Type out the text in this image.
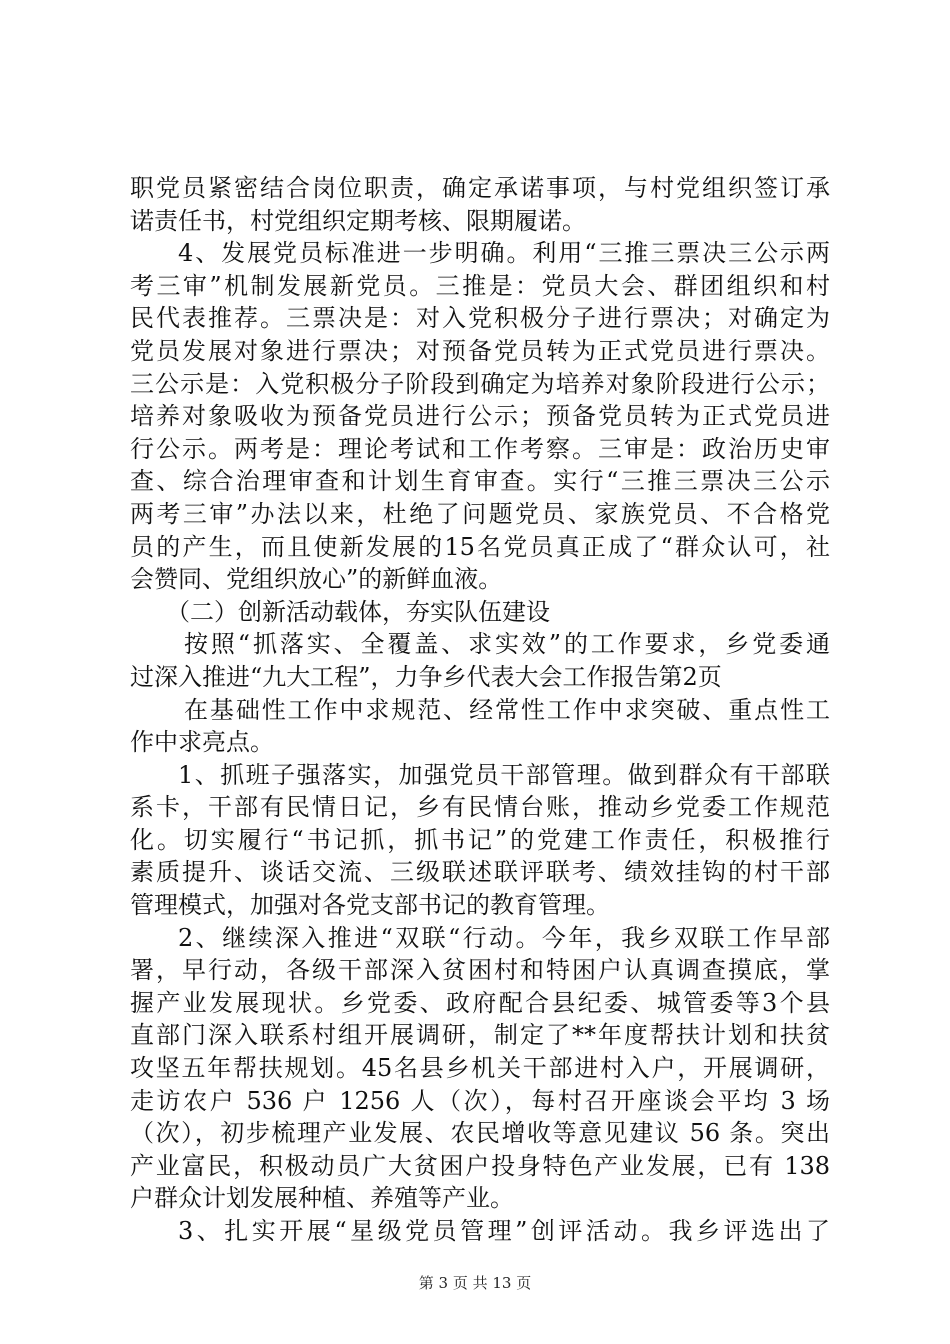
职党员紧密结合岗位职责，确定承诺事项，与村党组织签订承
诺责任书，村党组织定期考核、限期履诺。
4、发展党员标准进一步明确。利用“三推三票决三公示两
考三审”机制发展新党员。三推是：党员大会、群团组织和村
民代表推荐。三票决是：对入党积极分子进行票决；对确定为
党员发展对象进行票决；对预备党员转为正式党员进行票决。
三公示是：入党积极分子阶段到确定为培养对象阶段进行公示；
培养对象吸收为预备党员进行公示；预备党员转为正式党员进
行公示。两考是：理论考试和工作考察。三审是：政治历史审
查、综合治理审查和计划生育审查。实行“三推三票决三公示
两考三审”办法以来，杜绝了问题党员、家族党员、不合格党
员的产生，而且使新发展的15名党员真正成了“群众认可，社
会赞同、党组织放心”的新鲜血液。
（二）创新活动载体，夯实队伍建设
按照“抓落实、全覆盖、求实效”的工作要求，乡党委通
过深入推进“九大工程”，力争乡代表大会工作报告第2页
在基础性工作中求规范、经常性工作中求突破、重点性工
作中求亮点。
1、抓班子强落实，加强党员干部管理。做到群众有干部联
系卡，干部有民情日记，乡有民情台账，推动乡党委工作规范
化。切实履行“书记抓，抓书记”的党建工作责任，积极推行
素质提升、谈话交流、三级联述联评联考、绩效挂钩的村干部
管理模式，加强对各党支部书记的教育管理。
2、继续深入推进“双联“行动。今年，我乡双联工作早部
署，早行动，各级干部深入贫困村和特困户认真调查摸底，掌
握产业发展现状。乡党委、政府配合县纪委、城管委等3个县
直部门深入联系村组开展调研，制定了**年度帮扶计划和扶贫
攻坚五年帮扶规划。45名县乡机关干部进村入户，开展调研，
走访农户 536 户 1256 人（次），每村召开座谈会平均 3 场
（次），初步梳理产业发展、农民增收等意见建议 56 条。突出
产业富民，积极动员广大贫困户投身特色产业发展，已有 138
户群众计划发展种植、养殖等产业。
3、扎实开展“星级党员管理”创评活动。我乡评选出了
第 3 页 共 13 页
